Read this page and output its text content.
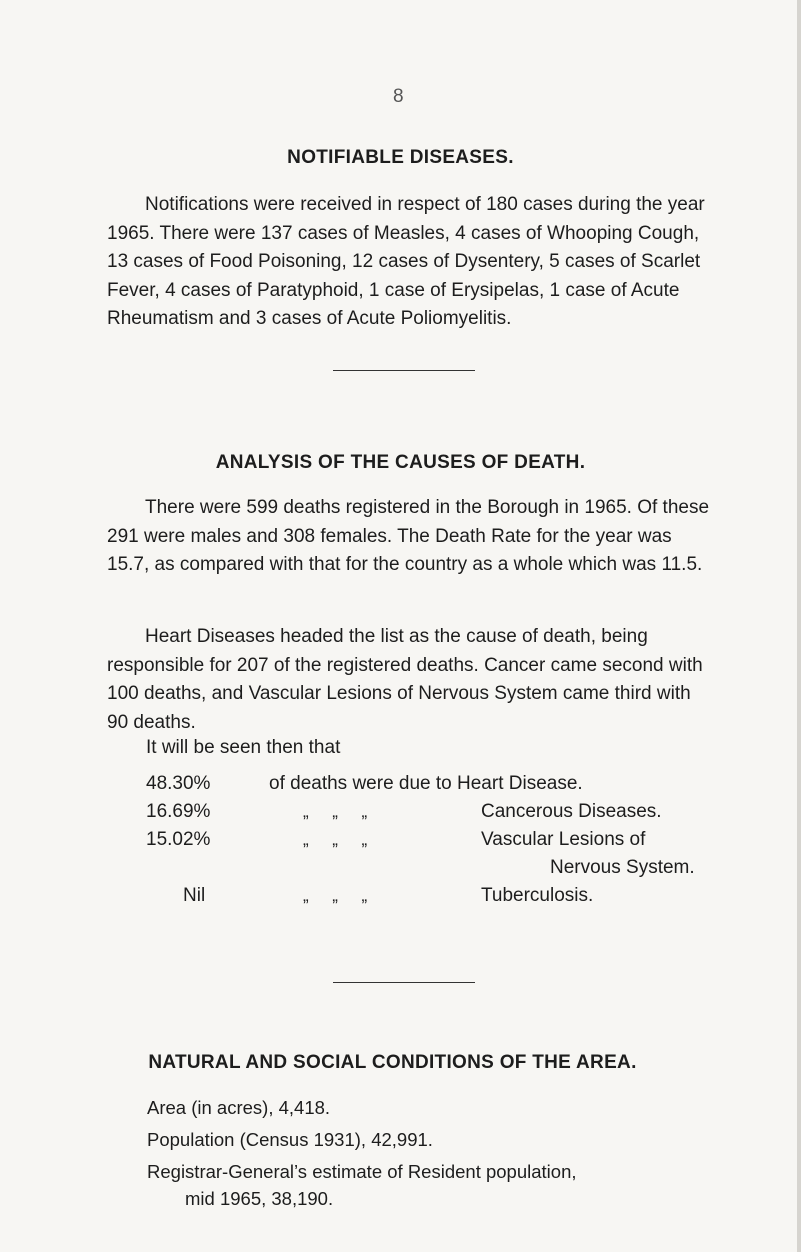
8
NOTIFIABLE DISEASES.
Notifications were received in respect of 180 cases during the year 1965. There were 137 cases of Measles, 4 cases of Whooping Cough, 13 cases of Food Poisoning, 12 cases of Dysentery, 5 cases of Scarlet Fever, 4 cases of Paratyphoid, 1 case of Erysipelas, 1 case of Acute Rheumatism and 3 cases of Acute Poliomyelitis.
ANALYSIS OF THE CAUSES OF DEATH.
There were 599 deaths registered in the Borough in 1965. Of these 291 were males and 308 females. The Death Rate for the year was 15.7, as compared with that for the country as a whole which was 11.5.
Heart Diseases headed the list as the cause of death, being responsible for 207 of the registered deaths. Cancer came second with 100 deaths, and Vascular Lesions of Nervous System came third with 90 deaths.
It will be seen then that
48.30%	of deaths were due to Heart Disease.
16.69%	„     „     „	Cancerous Diseases.
15.02%	„     „     „	Vascular Lesions of
Nervous System.
Nil	„     „     „	Tuberculosis.
NATURAL AND SOCIAL CONDITIONS OF THE AREA.
Area (in acres), 4,418.
Population (Census 1931), 42,991.
Registrar-General’s estimate of Resident population,
mid 1965, 38,190.
